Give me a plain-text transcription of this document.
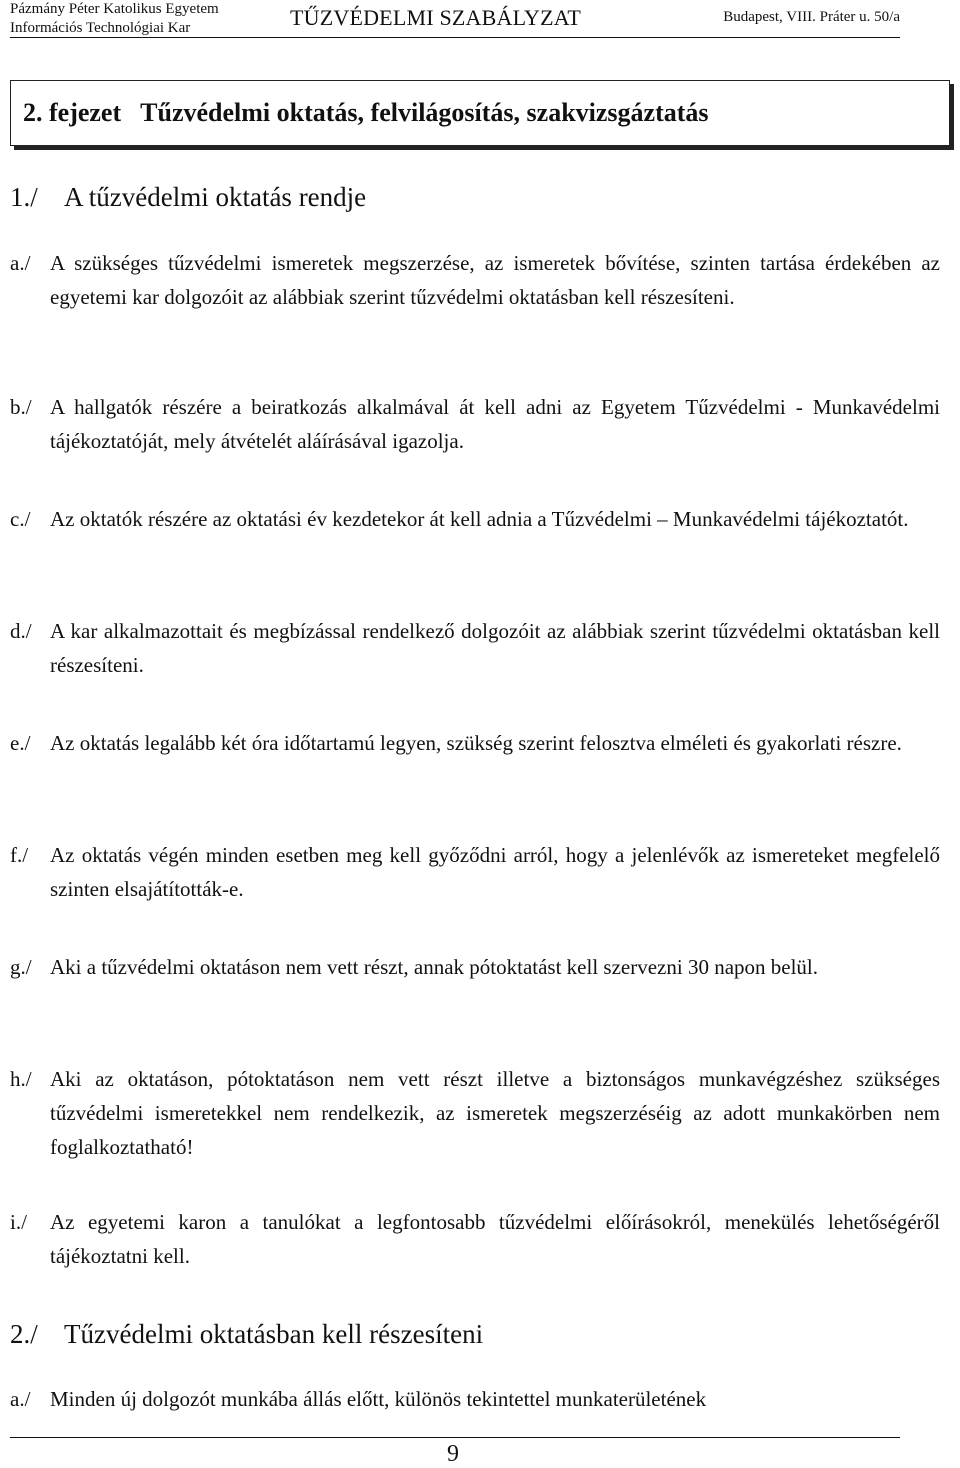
Pázmány Péter Katolikus Egyetem
Információs Technológiai Kar	TŰZVÉDELMI SZABÁLYZAT	Budapest, VIII. Práter u. 50/a
2. fejezet   Tűzvédelmi oktatás, felvilágosítás, szakvizsgáztatás
1./ A tűzvédelmi oktatás rendje
a./ A szükséges tűzvédelmi ismeretek megszerzése, az ismeretek bővítése, szinten tartása érdekében az egyetemi kar dolgozóit az alábbiak szerint tűzvédelmi oktatásban kell részesíteni.
b./ A hallgatók részére a beiratkozás alkalmával át kell adni az Egyetem Tűzvédelmi - Munkavédelmi tájékoztatóját, mely átvételét aláírásával igazolja.
c./ Az oktatók részére az oktatási év kezdetekor át kell adnia a Tűzvédelmi – Munkavédelmi tájékoztatót.
d./ A kar alkalmazottait és megbízással rendelkező dolgozóit az alábbiak szerint tűzvédelmi oktatásban kell részesíteni.
e./ Az oktatás legalább két óra időtartamú legyen, szükség szerint felosztva elméleti és gyakorlati részre.
f./ Az oktatás végén minden esetben meg kell győződni arról, hogy a jelenlévők az ismereteket megfelelő szinten elsajátították-e.
g./ Aki a tűzvédelmi oktatáson nem vett részt, annak pótoktatást kell szervezni 30 napon belül.
h./ Aki az oktatáson, pótoktatáson nem vett részt illetve a biztonságos munkavégzéshez szükséges tűzvédelmi ismeretekkel nem rendelkezik, az ismeretek megszerzéséig az adott munkakörben nem foglalkoztatható!
i./ Az egyetemi karon a tanulókat a legfontosabb tűzvédelmi előírásokról, menekülés lehetőségéről tájékoztatni kell.
2./ Tűzvédelmi oktatásban kell részesíteni
a./ Minden új dolgozót munkába állás előtt, különös tekintettel munkaterületének
9
